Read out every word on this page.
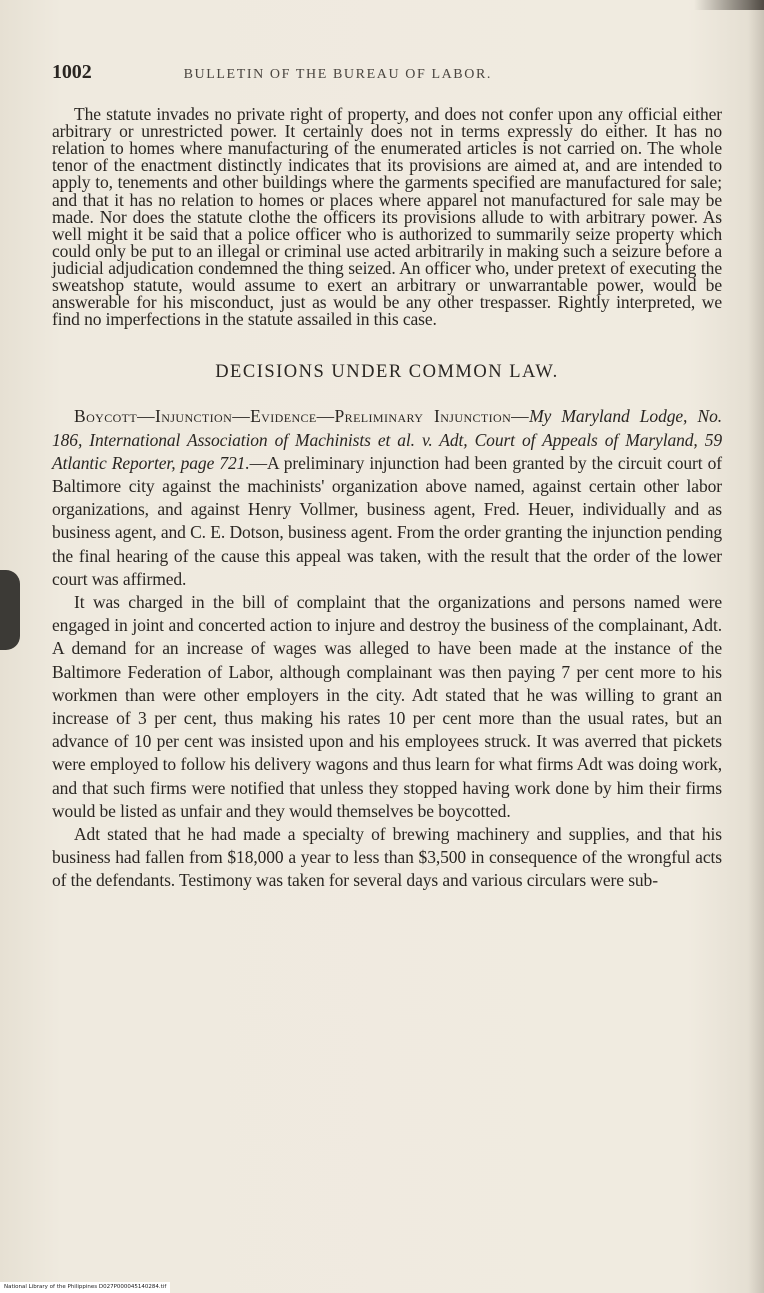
1002	BULLETIN OF THE BUREAU OF LABOR.

The statute invades no private right of property, and does not confer upon any official either arbitrary or unrestricted power. It certainly does not in terms expressly do either. It has no relation to homes where manufacturing of the enumerated articles is not carried on. The whole tenor of the enactment distinctly indicates that its provisions are aimed at, and are intended to apply to, tenements and other buildings where the garments specified are manufactured for sale; and that it has no relation to homes or places where apparel not manufactured for sale may be made. Nor does the statute clothe the officers its provisions allude to with arbitrary power. As well might it be said that a police officer who is authorized to summarily seize property which could only be put to an illegal or criminal use acted arbitrarily in making such a seizure before a judicial adjudication condemned the thing seized. An officer who, under pretext of executing the sweatshop statute, would assume to exert an arbitrary or unwarrantable power, would be answerable for his misconduct, just as would be any other trespasser. Rightly interpreted, we find no imperfections in the statute assailed in this case.

DECISIONS UNDER COMMON LAW.

Boycott—Injunction—Evidence—Preliminary Injunction—My Maryland Lodge, No. 186, International Association of Machinists et al. v. Adt, Court of Appeals of Maryland, 59 Atlantic Reporter, page 721.—A preliminary injunction had been granted by the circuit court of Baltimore city against the machinists' organization above named, against certain other labor organizations, and against Henry Vollmer, business agent, Fred. Heuer, individually and as business agent, and C. E. Dotson, business agent. From the order granting the injunction pending the final hearing of the cause this appeal was taken, with the result that the order of the lower court was affirmed.

It was charged in the bill of complaint that the organizations and persons named were engaged in joint and concerted action to injure and destroy the business of the complainant, Adt. A demand for an increase of wages was alleged to have been made at the instance of the Baltimore Federation of Labor, although complainant was then paying 7 per cent more to his workmen than were other employers in the city. Adt stated that he was willing to grant an increase of 3 per cent, thus making his rates 10 per cent more than the usual rates, but an advance of 10 per cent was insisted upon and his employees struck. It was averred that pickets were employed to follow his delivery wagons and thus learn for what firms Adt was doing work, and that such firms were notified that unless they stopped having work done by him their firms would be listed as unfair and they would themselves be boycotted.

Adt stated that he had made a specialty of brewing machinery and supplies, and that his business had fallen from $18,000 a year to less than $3,500 in consequence of the wrongful acts of the defendants. Testimony was taken for several days and various circulars were sub-

National Library of the Philippines D027P000045140284.tif
